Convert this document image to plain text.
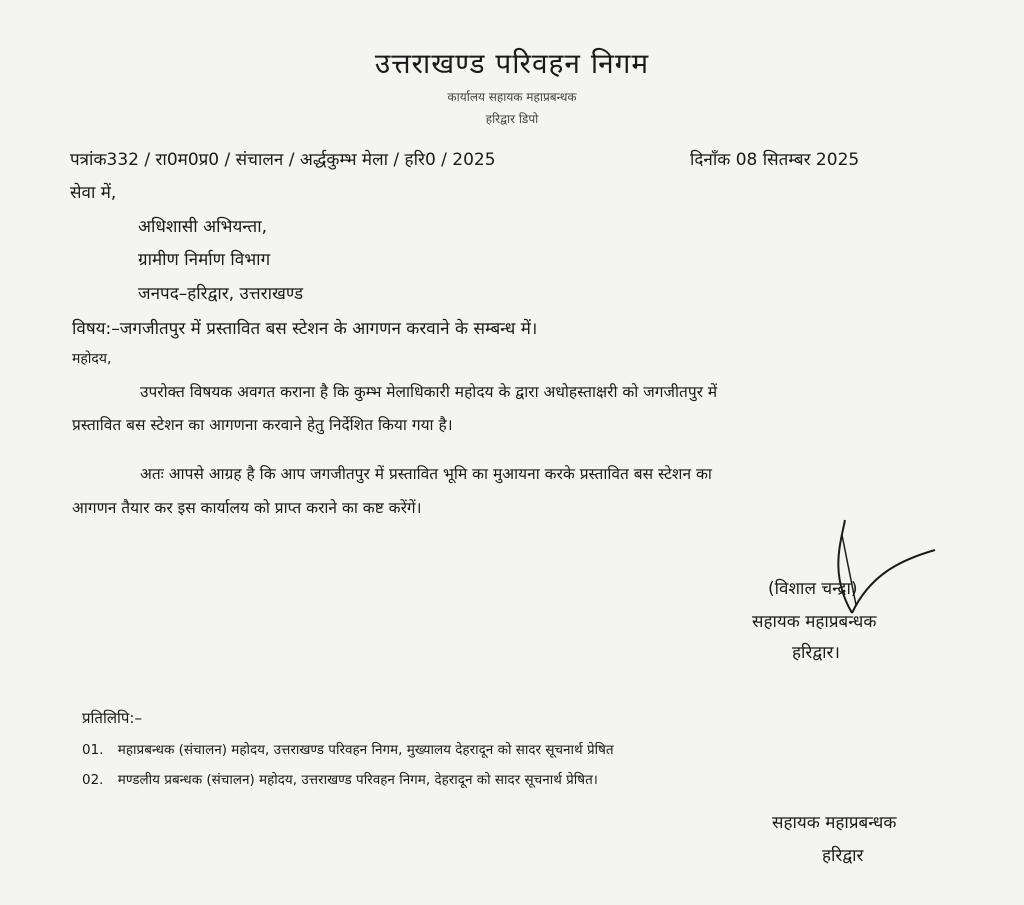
उत्तराखण्ड परिवहन निगम
कार्यालय सहायक महाप्रबन्धक
हरिद्वार डिपो
पत्रांक332 / रा0म0प्र0 / संचालन / अर्द्धकुम्भ मेला / हरि0 / 2025	दिनाँक 08 सितम्बर 2025
सेवा में,
अधिशासी अभियन्ता,
ग्रामीण निर्माण विभाग
जनपद–हरिद्वार, उत्तराखण्ड
विषय:–जगजीतपुर में प्रस्तावित बस स्टेशन के आगणन करवाने के सम्बन्ध में।
महोदय,
उपरोक्त विषयक अवगत कराना है कि कुम्भ मेलाधिकारी महोदय के द्वारा अधोहस्ताक्षरी को जगजीतपुर में
प्रस्तावित बस स्टेशन का आगणना करवाने हेतु निर्देशित किया गया है।
अतः आपसे आग्रह है कि आप जगजीतपुर में प्रस्तावित भूमि का मुआयना करके प्रस्तावित बस स्टेशन का
आगणन तैयार कर इस कार्यालय को प्राप्त कराने का कष्ट करेंगें।
(विशाल चन्द्रा)
सहायक महाप्रबन्धक
हरिद्वार।
प्रतिलिपि:–
01. महाप्रबन्धक (संचालन) महोदय, उत्तराखण्ड परिवहन निगम, मुख्यालय देहरादून को सादर सूचनार्थ प्रेषित
02. मण्डलीय प्रबन्धक (संचालन) महोदय, उत्तराखण्ड परिवहन निगम, देहरादून को सादर सूचनार्थ प्रेषित।
सहायक महाप्रबन्धक
हरिद्वार
